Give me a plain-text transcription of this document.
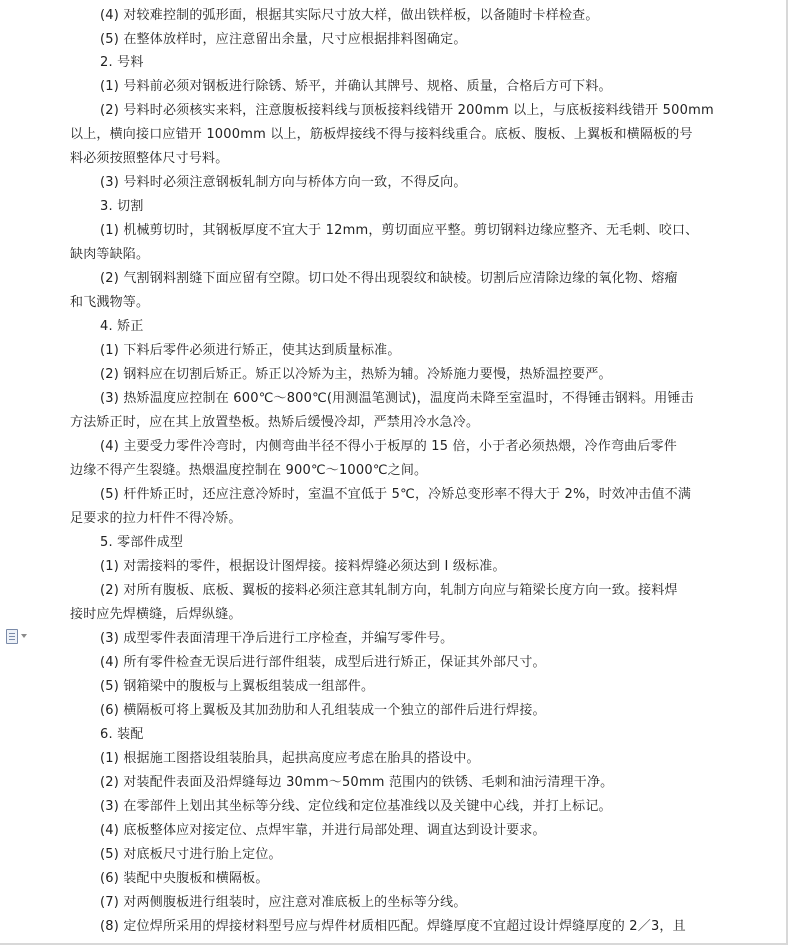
(4) 对较难控制的弧形面，根据其实际尺寸放大样，做出铁样板，以备随时卡样检查。
(5) 在整体放样时，应注意留出余量，尺寸应根据排料图确定。
2. 号料
(1) 号料前必须对钢板进行除锈、矫平，并确认其牌号、规格、质量，合格后方可下料。
(2) 号料时必须核实来料，注意腹板接料线与顶板接料线错开 200mm 以上，与底板接料线错开 500mm
以上，横向接口应错开 1000mm 以上，筋板焊接线不得与接料线重合。底板、腹板、上翼板和横隔板的号
料必须按照整体尺寸号料。
(3) 号料时必须注意钢板轧制方向与桥体方向一致，不得反向。
3. 切割
(1) 机械剪切时，其钢板厚度不宜大于 12mm，剪切面应平整。剪切钢料边缘应整齐、无毛刺、咬口、
缺肉等缺陷。
(2) 气割钢料割缝下面应留有空隙。切口处不得出现裂纹和缺棱。切割后应清除边缘的氧化物、熔瘤
和飞溅物等。
4. 矫正
(1) 下料后零件必须进行矫正，使其达到质量标准。
(2) 钢料应在切割后矫正。矫正以冷矫为主，热矫为辅。冷矫施力要慢，热矫温控要严。
(3) 热矫温度应控制在 600℃～800℃(用测温笔测试)，温度尚未降至室温时，不得锤击钢料。用锤击
方法矫正时，应在其上放置垫板。热矫后缓慢冷却，严禁用冷水急冷。
(4) 主要受力零件冷弯时，内侧弯曲半径不得小于板厚的 15 倍，小于者必须热煨，冷作弯曲后零件
边缘不得产生裂缝。热煨温度控制在 900℃～1000℃之间。
(5) 杆件矫正时，还应注意冷矫时，室温不宜低于 5℃，冷矫总变形率不得大于 2%，时效冲击值不满
足要求的拉力杆件不得冷矫。
5. 零部件成型
(1) 对需接料的零件，根据设计图焊接。接料焊缝必须达到 I 级标准。
(2) 对所有腹板、底板、翼板的接料必须注意其轧制方向，轧制方向应与箱梁长度方向一致。接料焊
接时应先焊横缝，后焊纵缝。
(3) 成型零件表面清理干净后进行工序检查，并编写零件号。
(4) 所有零件检查无误后进行部件组装，成型后进行矫正，保证其外部尺寸。
(5) 钢箱梁中的腹板与上翼板组装成一组部件。
(6) 横隔板可将上翼板及其加劲肋和人孔组装成一个独立的部件后进行焊接。
6. 装配
(1) 根据施工图搭设组装胎具，起拱高度应考虑在胎具的搭设中。
(2) 对装配件表面及沿焊缝每边 30mm～50mm 范围内的铁锈、毛刺和油污清理干净。
(3) 在零部件上划出其坐标等分线、定位线和定位基准线以及关键中心线，并打上标记。
(4) 底板整体应对接定位、点焊牢靠，并进行局部处理、调直达到设计要求。
(5) 对底板尺寸进行胎上定位。
(6) 装配中央腹板和横隔板。
(7) 对两侧腹板进行组装时，应注意对准底板上的坐标等分线。
(8) 定位焊所采用的焊接材料型号应与焊件材质相匹配。焊缝厚度不宜超过设计焊缝厚度的 2／3，且
